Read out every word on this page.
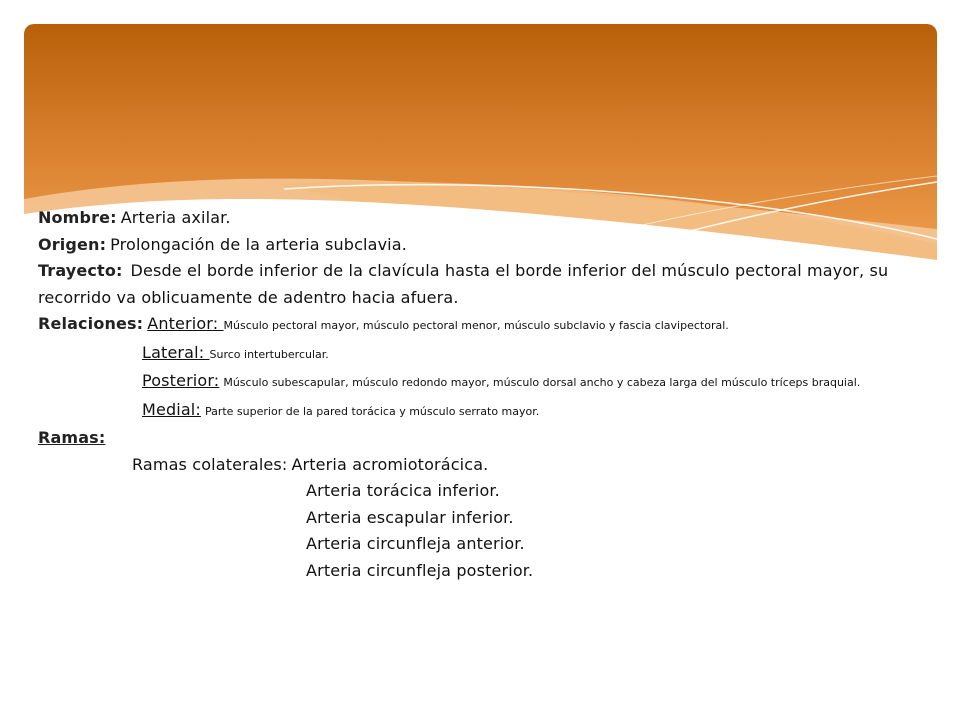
Nombre: Arteria axilar.
Origen: Prolongación de la arteria subclavia.
Trayecto: Desde el borde inferior de la clavícula hasta el borde inferior del músculo pectoral mayor, su recorrido va oblicuamente de adentro hacia afuera.
Relaciones: Anterior: Músculo pectoral mayor, músculo pectoral menor, músculo subclavio y fascia clavipectoral.
Lateral: Surco intertubercular.
Posterior: Músculo subescapular, músculo redondo mayor, músculo dorsal ancho y cabeza larga del músculo tríceps braquial.
Medial: Parte superior de la pared torácica y músculo serrato mayor.
Ramas:
Ramas colaterales: Arteria acromiotorácica.
Arteria torácica inferior.
Arteria escapular inferior.
Arteria circunfleja anterior.
Arteria circunfleja posterior.
